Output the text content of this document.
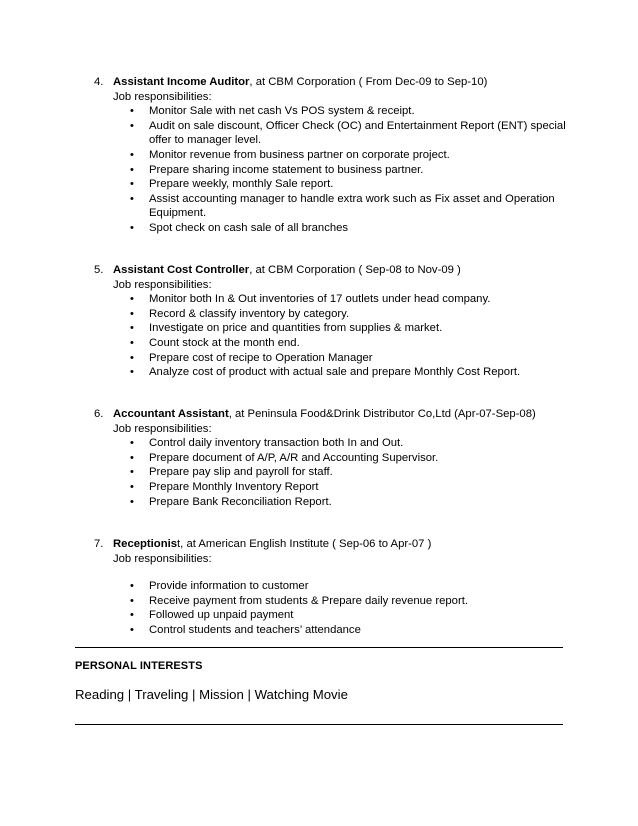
4. Assistant Income Auditor, at CBM Corporation ( From Dec-09 to Sep-10)
Job responsibilities:
• Monitor Sale with net cash Vs POS system & receipt.
• Audit on sale discount, Officer Check (OC) and Entertainment Report (ENT) special offer to manager level.
• Monitor revenue from business partner on corporate project.
• Prepare sharing income statement to business partner.
• Prepare weekly, monthly Sale report.
• Assist accounting manager to handle extra work such as Fix asset and Operation Equipment.
• Spot check on cash sale of all branches
5. Assistant Cost Controller, at CBM Corporation ( Sep-08 to Nov-09 )
Job responsibilities:
• Monitor both In & Out inventories of 17 outlets under head company.
• Record & classify inventory by category.
• Investigate on price and quantities from supplies & market.
• Count stock at the month end.
• Prepare cost of recipe to Operation Manager
• Analyze cost of product with actual sale and prepare Monthly Cost Report.
6. Accountant Assistant, at Peninsula Food&Drink Distributor Co,Ltd (Apr-07-Sep-08)
Job responsibilities:
• Control daily inventory transaction both In and Out.
• Prepare document of A/P, A/R and Accounting Supervisor.
• Prepare pay slip and payroll for staff.
• Prepare Monthly Inventory Report
• Prepare Bank Reconciliation Report.
7. Receptionist, at American English Institute ( Sep-06 to Apr-07 )
Job responsibilities:
• Provide information to customer
• Receive payment from students & Prepare daily revenue report.
• Followed up unpaid payment
• Control students and teachers’ attendance
PERSONAL INTERESTS
Reading | Traveling | Mission | Watching Movie
